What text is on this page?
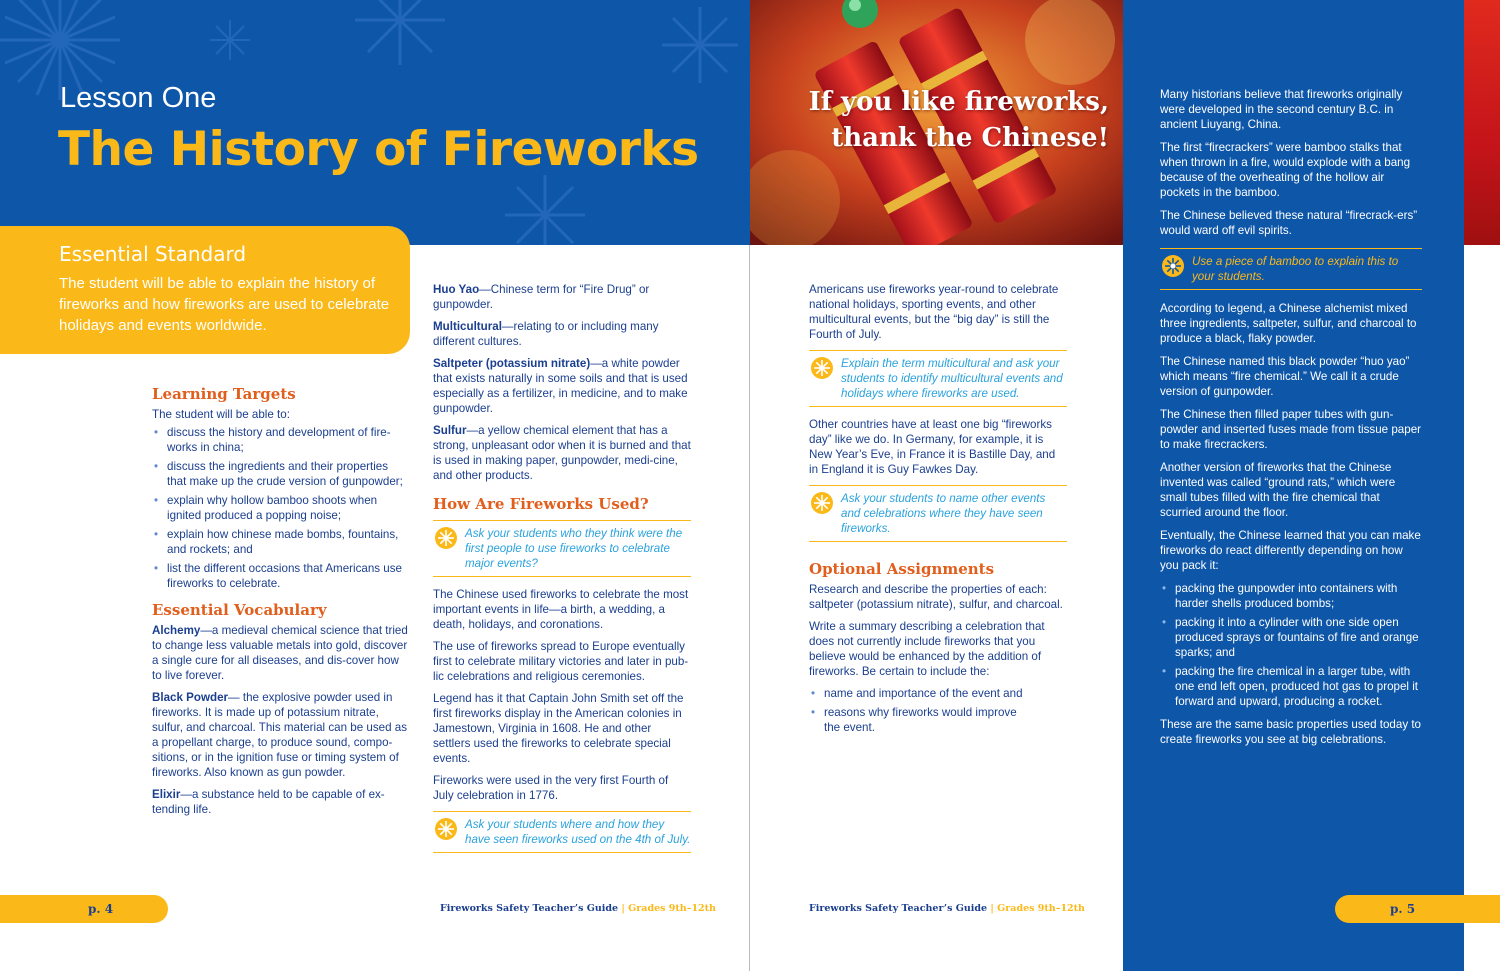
Lesson One
The History of Fireworks
Essential Standard
The student will be able to explain the history of fireworks and how fireworks are used to celebrate holidays and events worldwide.
Learning Targets

The student will be able to:

• discuss the history and development of fire-works in china;
• discuss the ingredients and their properties that make up the crude version of gunpowder;
• explain why hollow bamboo shoots when ignited produced a popping noise;
• explain how chinese made bombs, fountains, and rockets; and
• list the different occasions that Americans use fireworks to celebrate.
Essential Vocabulary

Alchemy—a medieval chemical science that tried to change less valuable metals into gold, discover a single cure for all diseases, and dis-cover how to live forever.

Black Powder— the explosive powder used in fireworks. It is made up of potassium nitrate, sulfur, and charcoal. This material can be used as a propellant charge, to produce sound, compo-sitions, or in the ignition fuse or timing system of fireworks. Also known as gun powder.

Elixir—a substance held to be capable of ex-tending life.

Huo Yao—Chinese term for “Fire Drug” or gunpowder.

Multicultural—relating to or including many different cultures.

Saltpeter (potassium nitrate)—a white powder that exists naturally in some soils and that is used especially as a fertilizer, in medicine, and to make gunpowder.

Sulfur—a yellow chemical element that has a strong, unpleasant odor when it is burned and that is used in making paper, gunpowder, medi-cine, and other products.

How Are Fireworks Used?
Ask your students who they think were the first people to use fireworks to celebrate major events?

The Chinese used fireworks to celebrate the most important events in life—a birth, a wedding, a death, holidays, and coronations.

The use of fireworks spread to Europe eventually first to celebrate military victories and later in pub-lic celebrations and religious ceremonies.

Legend has it that Captain John Smith set off the first fireworks display in the American colonies in Jamestown, Virginia in 1608. He and other settlers used the fireworks to celebrate special events.

Fireworks were used in the very first Fourth of July celebration in 1776.

Ask your students where and how they have seen fireworks used on the 4th of July.
If you like fireworks,
thank the Chinese!

Americans use fireworks year-round to celebrate national holidays, sporting events, and other multicultural events, but the “big day” is still the Fourth of July.

Explain the term multicultural and ask your students to identify multicultural events and holidays where fireworks are used.

Other countries have at least one big “fireworks day” like we do. In Germany, for example, it is New Year’s Eve, in France it is Bastille Day, and in England it is Guy Fawkes Day.

Ask your students to name other events and celebrations where they have seen fireworks.
Optional Assignments

Research and describe the properties of each: saltpeter (potassium nitrate), sulfur, and charcoal.

Write a summary describing a celebration that does not currently include fireworks that you believe would be enhanced by the addition of fireworks. Be certain to include the:

• name and importance of the event and
• reasons why fireworks would improve the event.

Many historians believe that fireworks originally were developed in the second century B.C. in ancient Liuyang, China.

The first “firecrackers” were bamboo stalks that when thrown in a fire, would explode with a bang because of the overheating of the hollow air pockets in the bamboo.

The Chinese believed these natural “firecrack-ers” would ward off evil spirits.

Use a piece of bamboo to explain this to your students.

According to legend, a Chinese alchemist mixed three ingredients, saltpeter, sulfur, and charcoal to produce a black, flaky powder.

The Chinese named this black powder “huo yao” which means “fire chemical.” We call it a crude version of gunpowder.

The Chinese then filled paper tubes with gun-powder and inserted fuses made from tissue paper to make firecrackers.

Another version of fireworks that the Chinese invented was called “ground rats,” which were small tubes filled with the fire chemical that scurried around the floor.

Eventually, the Chinese learned that you can make fireworks do react differently depending on how you pack it:

• packing the gunpowder into containers with harder shells produced bombs;
• packing it into a cylinder with one side open produced sprays or fountains of fire and orange sparks; and
• packing the fire chemical in a larger tube, with one end left open, produced hot gas to propel it forward and upward, producing a rocket.

These are the same basic properties used today to create fireworks you see at big celebrations.

p. 4	p. 5
Fireworks Safety Teacher’s Guide | Grades 9th–12th	Fireworks Safety Teacher’s Guide | Grades 9th–12th
